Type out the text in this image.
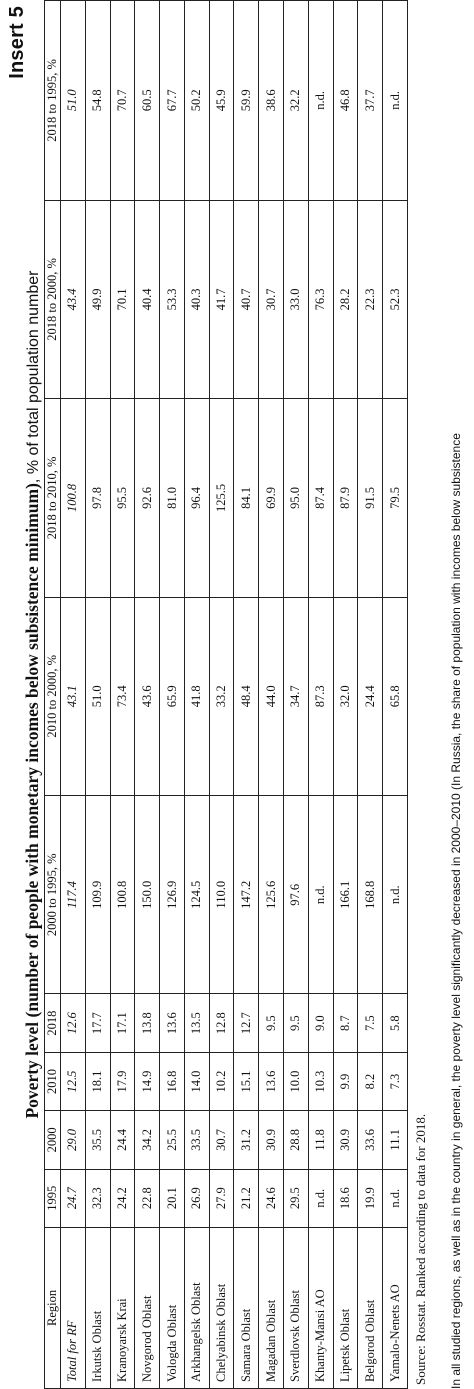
Insert 5
Poverty level (number of people with monetary incomes below subsistence minimum), % of total population number
Region	1995	2000	2010	2018	2000 to 1995, %	2010 to 2000, %	2018 to 2010, %	2018 to 2000, %	2018 to 1995, %
Total for RF	24.7	29.0	12.5	12.6	117.4	43.1	100.8	43.4	51.0
Irkutsk Oblast	32.3	35.5	18.1	17.7	109.9	51.0	97.8	49.9	54.8
Kranoyarsk Krai	24.2	24.4	17.9	17.1	100.8	73.4	95.5	70.1	70.7
Novgorod Oblast	22.8	34.2	14.9	13.8	150.0	43.6	92.6	40.4	60.5
Vologda Oblast	20.1	25.5	16.8	13.6	126.9	65.9	81.0	53.3	67.7
Arkhangelsk Oblast	26.9	33.5	14.0	13.5	124.5	41.8	96.4	40.3	50.2
Chelyabinsk Oblast	27.9	30.7	10.2	12.8	110.0	33.2	125.5	41.7	45.9
Samara Oblast	21.2	31.2	15.1	12.7	147.2	48.4	84.1	40.7	59.9
Magadan Oblast	24.6	30.9	13.6	9.5	125.6	44.0	69.9	30.7	38.6
Sverdlovsk Oblast	29.5	28.8	10.0	9.5	97.6	34.7	95.0	33.0	32.2
Khanty-Mansi AO	n.d.	11.8	10.3	9.0	n.d.	87.3	87.4	76.3	n.d.
Lipetsk Oblast	18.6	30.9	9.9	8.7	166.1	32.0	87.9	28.2	46.8
Belgorod Oblast	19.9	33.6	8.2	7.5	168.8	24.4	91.5	22.3	37.7
Yamalo-Nenets AO	n.d.	11.1	7.3	5.8	n.d.	65.8	79.5	52.3	n.d.
Source: Rosstat. Ranked according to data for 2018. In all studied regions, as well as in the country in general, the poverty level significantly decreased in 2000–2010 (In Russia, the share of population with incomes below subsistence
